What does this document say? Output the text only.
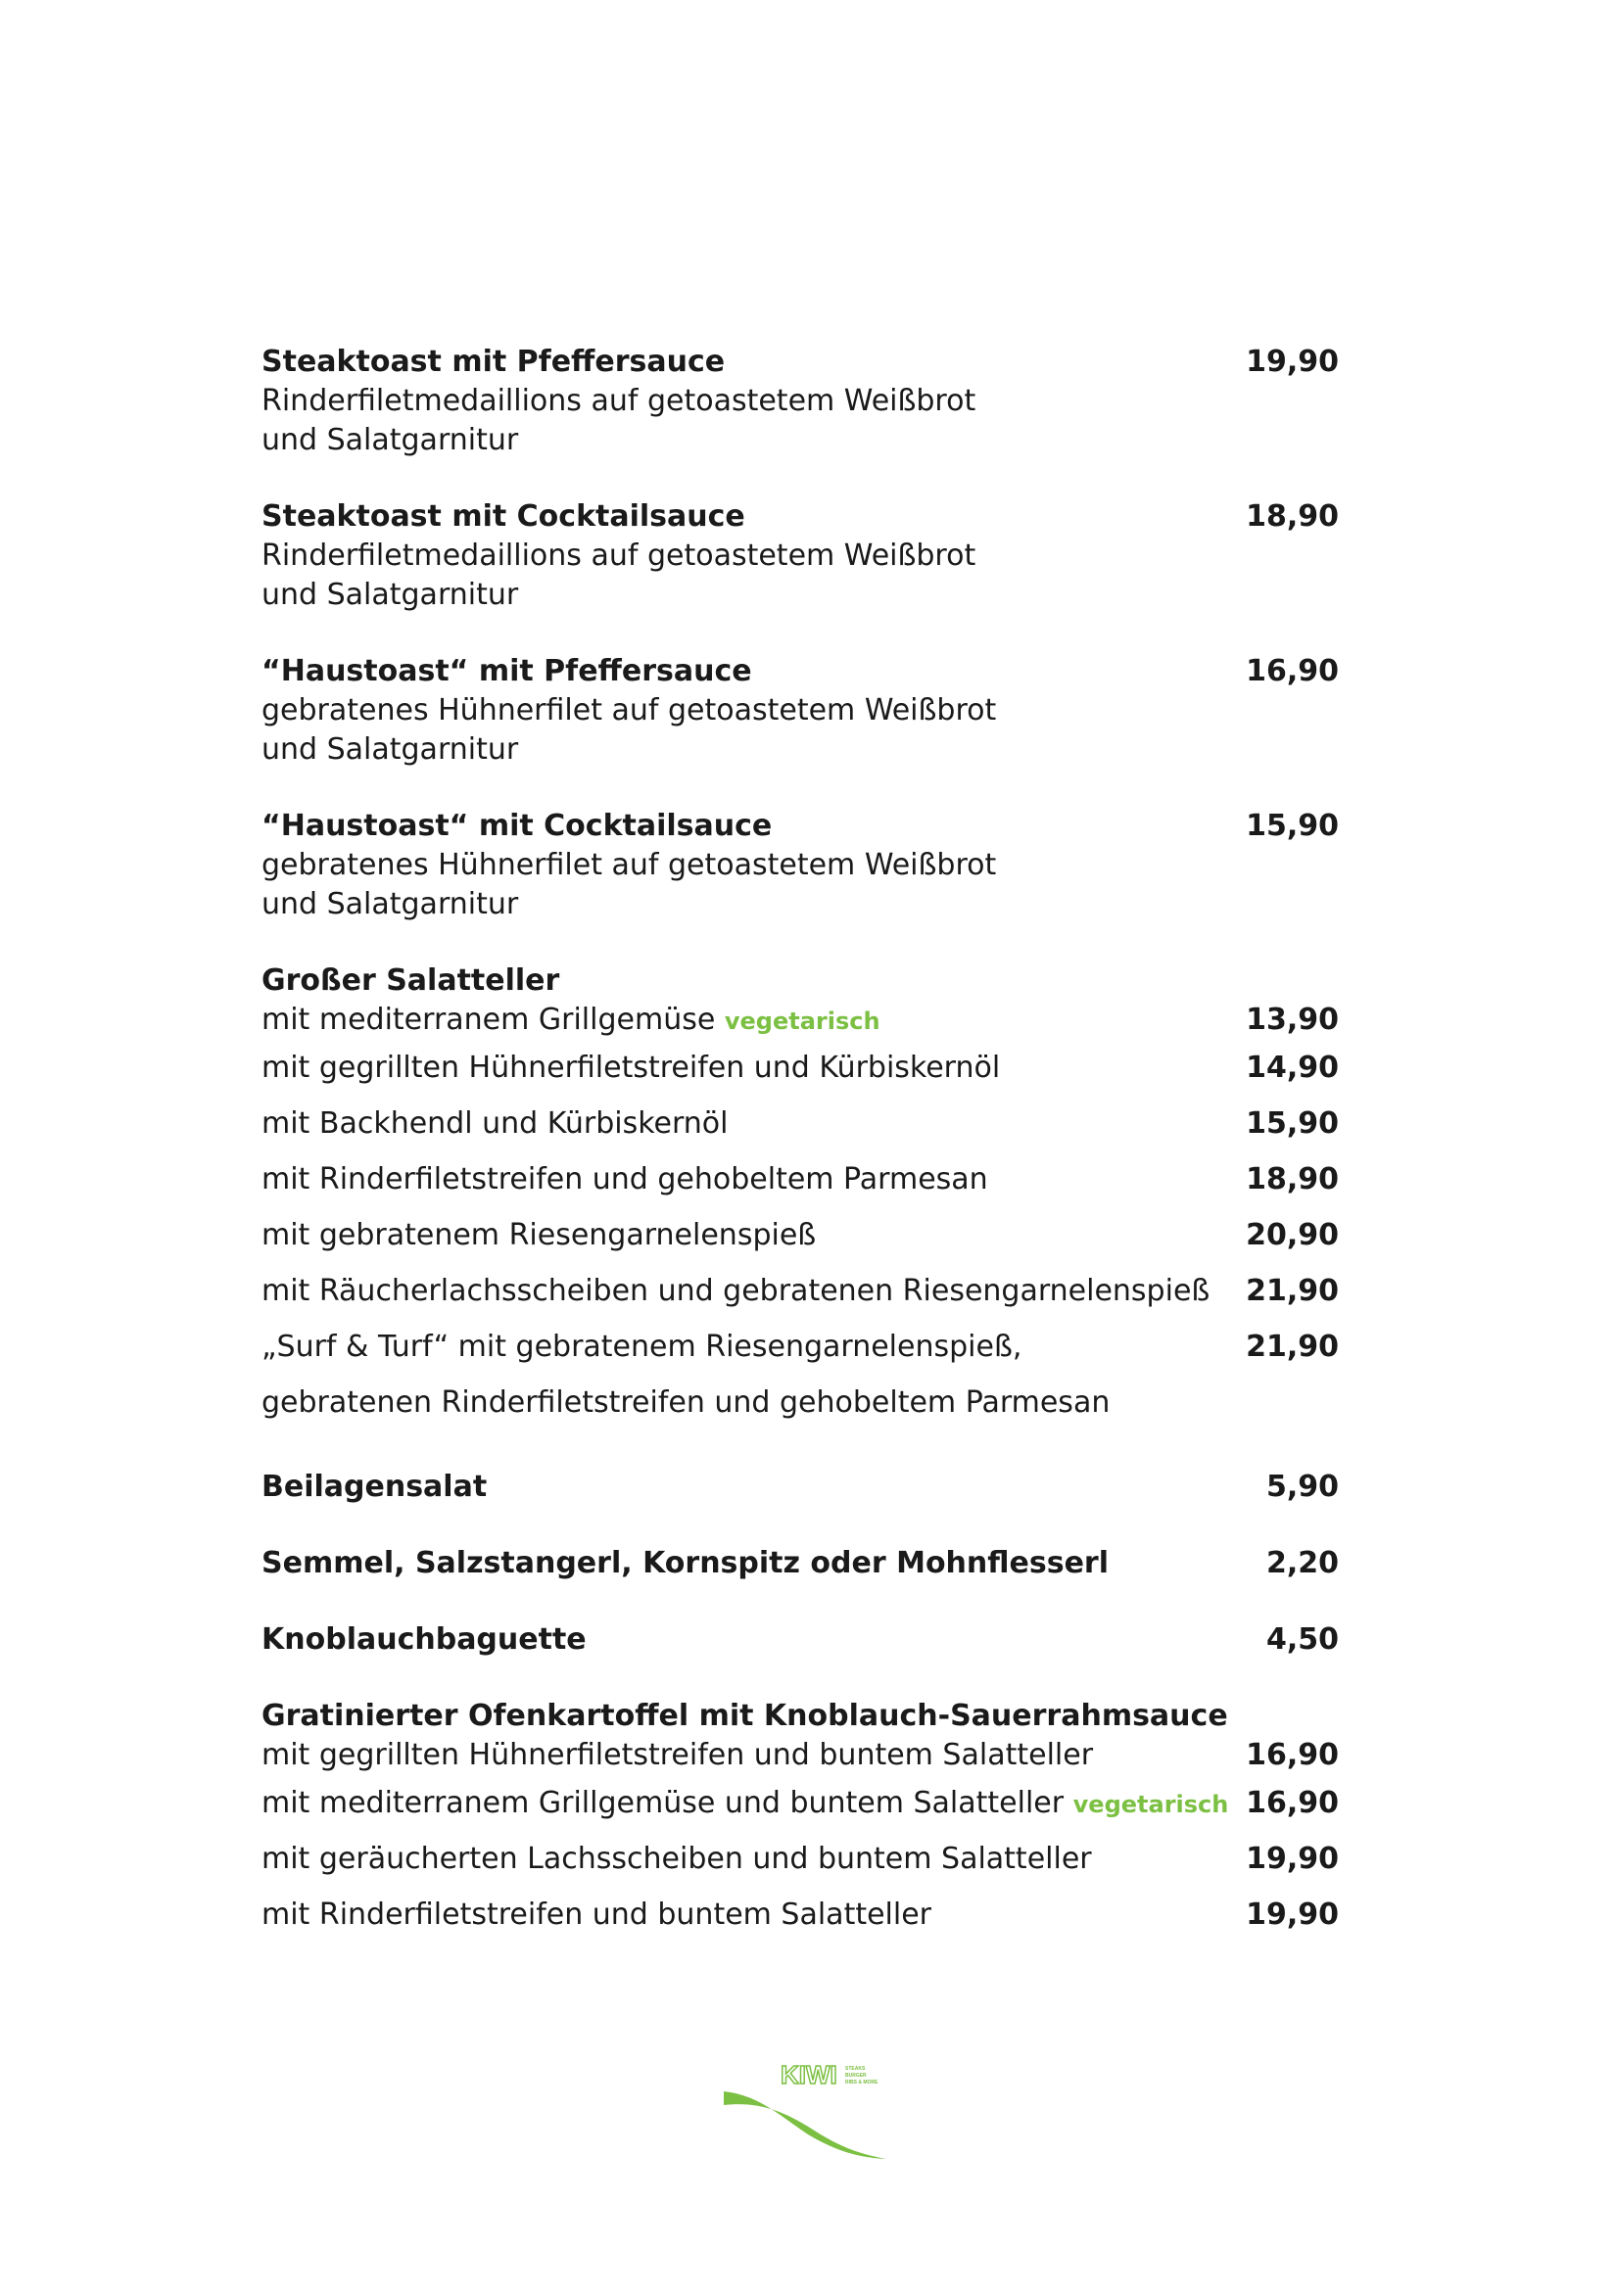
Steaktoast mit Pfeffersauce	19,90
Rinderfiletmedaillions auf getoastetem Weißbrot
und Salatgarnitur
Steaktoast mit Cocktailsauce	18,90
Rinderfiletmedaillions auf getoastetem Weißbrot
und Salatgarnitur
“Haustoast“ mit Pfeffersauce	16,90
gebratenes Hühnerfilet auf getoastetem Weißbrot
und Salatgarnitur
“Haustoast“ mit Cocktailsauce	15,90
gebratenes Hühnerfilet auf getoastetem Weißbrot
und Salatgarnitur
Großer Salatteller
mit mediterranem Grillgemüse vegetarisch	13,90
mit gegrillten Hühnerfiletstreifen und Kürbiskernöl	14,90
mit Backhendl und Kürbiskernöl	15,90
mit Rinderfiletstreifen und gehobeltem Parmesan	18,90
mit gebratenem Riesengarnelenspieß	20,90
mit Räucherlachsscheiben und gebratenen Riesengarnelenspieß 21,90
„Surf & Turf“ mit gebratenem Riesengarnelenspieß,	21,90
gebratenen Rinderfiletstreifen und gehobeltem Parmesan
Beilagensalat	5,90
Semmel, Salzstangerl, Kornspitz oder Mohnflesserl	2,20
Knoblauchbaguette	4,50
Gratinierter Ofenkartoffel mit Knoblauch-Sauerrahmsauce
mit gegrillten Hühnerfiletstreifen und buntem Salatteller	16,90
mit mediterranem Grillgemüse und buntem Salatteller vegetarisch 16,90
mit geräucherten Lachsscheiben und buntem Salatteller	19,90
mit Rinderfiletstreifen und buntem Salatteller	19,90
KIWI STEAKS
BURGER
RIBS & MORE
